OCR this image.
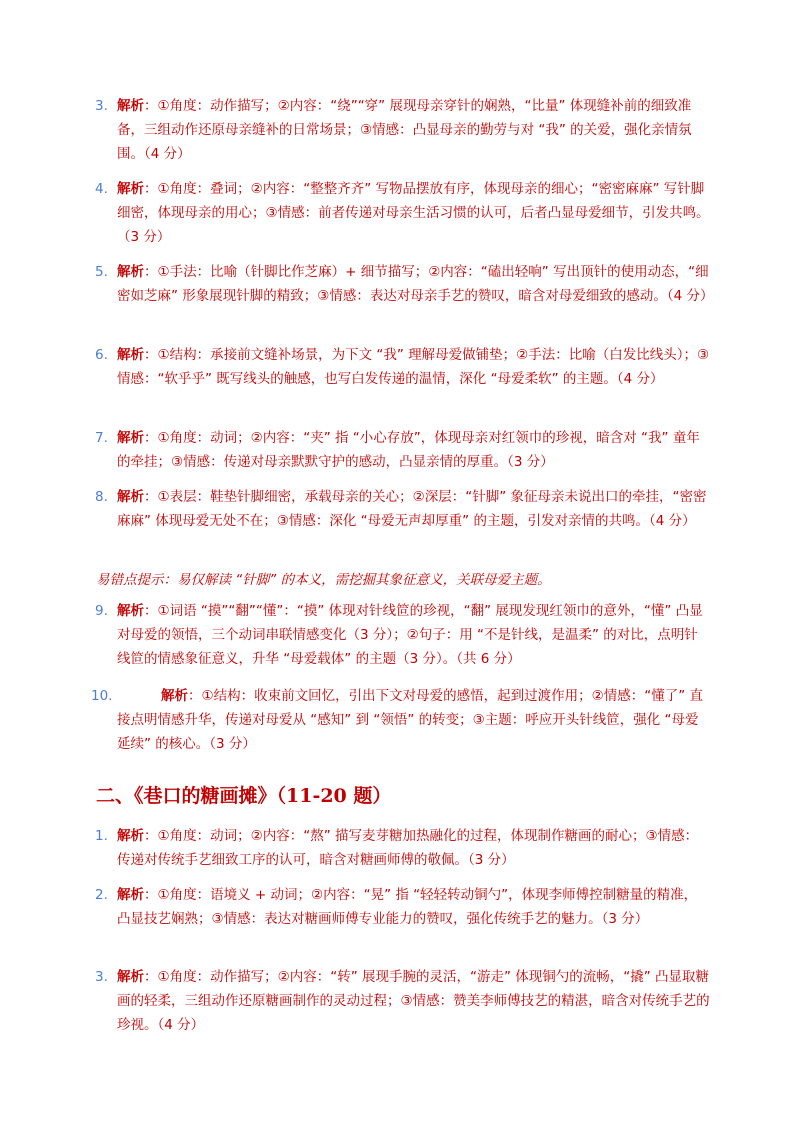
3. 解析：①角度：动作描写；②内容：“绕”“穿” 展现母亲穿针的娴熟，“比量” 体现缝补前的细致准备，三组动作还原母亲缝补的日常场景；③情感：凸显母亲的勤劳与对 “我” 的关爱，强化亲情氛围。（4 分）
4. 解析：①角度：叠词；②内容：“整整齐齐” 写物品摆放有序，体现母亲的细心；“密密麻麻” 写针脚细密，体现母亲的用心；③情感：前者传递对母亲生活习惯的认可，后者凸显母爱细节，引发共鸣。（3 分）
5. 解析：①手法：比喻（针脚比作芝麻）+ 细节描写；②内容：“磕出轻响” 写出顶针的使用动态，“细密如芝麻” 形象展现针脚的精致；③情感：表达对母亲手艺的赞叹，暗含对母爱细致的感动。（4 分）
6. 解析：①结构：承接前文缝补场景，为下文 “我” 理解母爱做铺垫；②手法：比喻（白发比线头）；③情感：“软乎乎” 既写线头的触感，也写白发传递的温情，深化 “母爱柔软” 的主题。（4 分）
7. 解析：①角度：动词；②内容：“夹” 指 “小心存放”，体现母亲对红领巾的珍视，暗含对 “我” 童年的牵挂；③情感：传递对母亲默默守护的感动，凸显亲情的厚重。（3 分）
8. 解析：①表层：鞋垫针脚细密，承载母亲的关心；②深层：“针脚” 象征母亲未说出口的牵挂，“密密麻麻” 体现母爱无处不在；③情感：深化 “母爱无声却厚重” 的主题，引发对亲情的共鸣。（4 分）
易错点提示：易仅解读 “针脚” 的本义，需挖掘其象征意义，关联母爱主题。
9. 解析：①词语 “摸”“翻”“懂”：“摸” 体现对针线笸的珍视，“翻” 展现发现红领巾的意外，“懂” 凸显对母爱的领悟，三个动词串联情感变化（3 分）；②句子：用 “不是针线，是温柔” 的对比，点明针线笸的情感象征意义，升华 “母爱载体” 的主题（3 分）。（共 6 分）
10.	解析：①结构：收束前文回忆，引出下文对母爱的感悟，起到过渡作用；②情感：“懂了” 直接点明情感升华，传递对母爱从 “感知” 到 “领悟” 的转变；③主题：呼应开头针线笸，强化 “母爱延续” 的核心。（3 分）
二、《巷口的糖画摊》（11-20 题）
1. 解析：①角度：动词；②内容：“熬” 描写麦芽糖加热融化的过程，体现制作糖画的耐心；③情感：传递对传统手艺细致工序的认可，暗含对糖画师傅的敬佩。（3 分）
2. 解析：①角度：语境义 + 动词；②内容：“晃” 指 “轻轻转动铜勺”，体现李师傅控制糖量的精准，凸显技艺娴熟；③情感：表达对糖画师傅专业能力的赞叹，强化传统手艺的魅力。（3 分）
3. 解析：①角度：动作描写；②内容：“转” 展现手腕的灵活，“游走” 体现铜勺的流畅，“撬” 凸显取糖画的轻柔，三组动作还原糖画制作的灵动过程；③情感：赞美李师傅技艺的精湛，暗含对传统手艺的珍视。（4 分）
